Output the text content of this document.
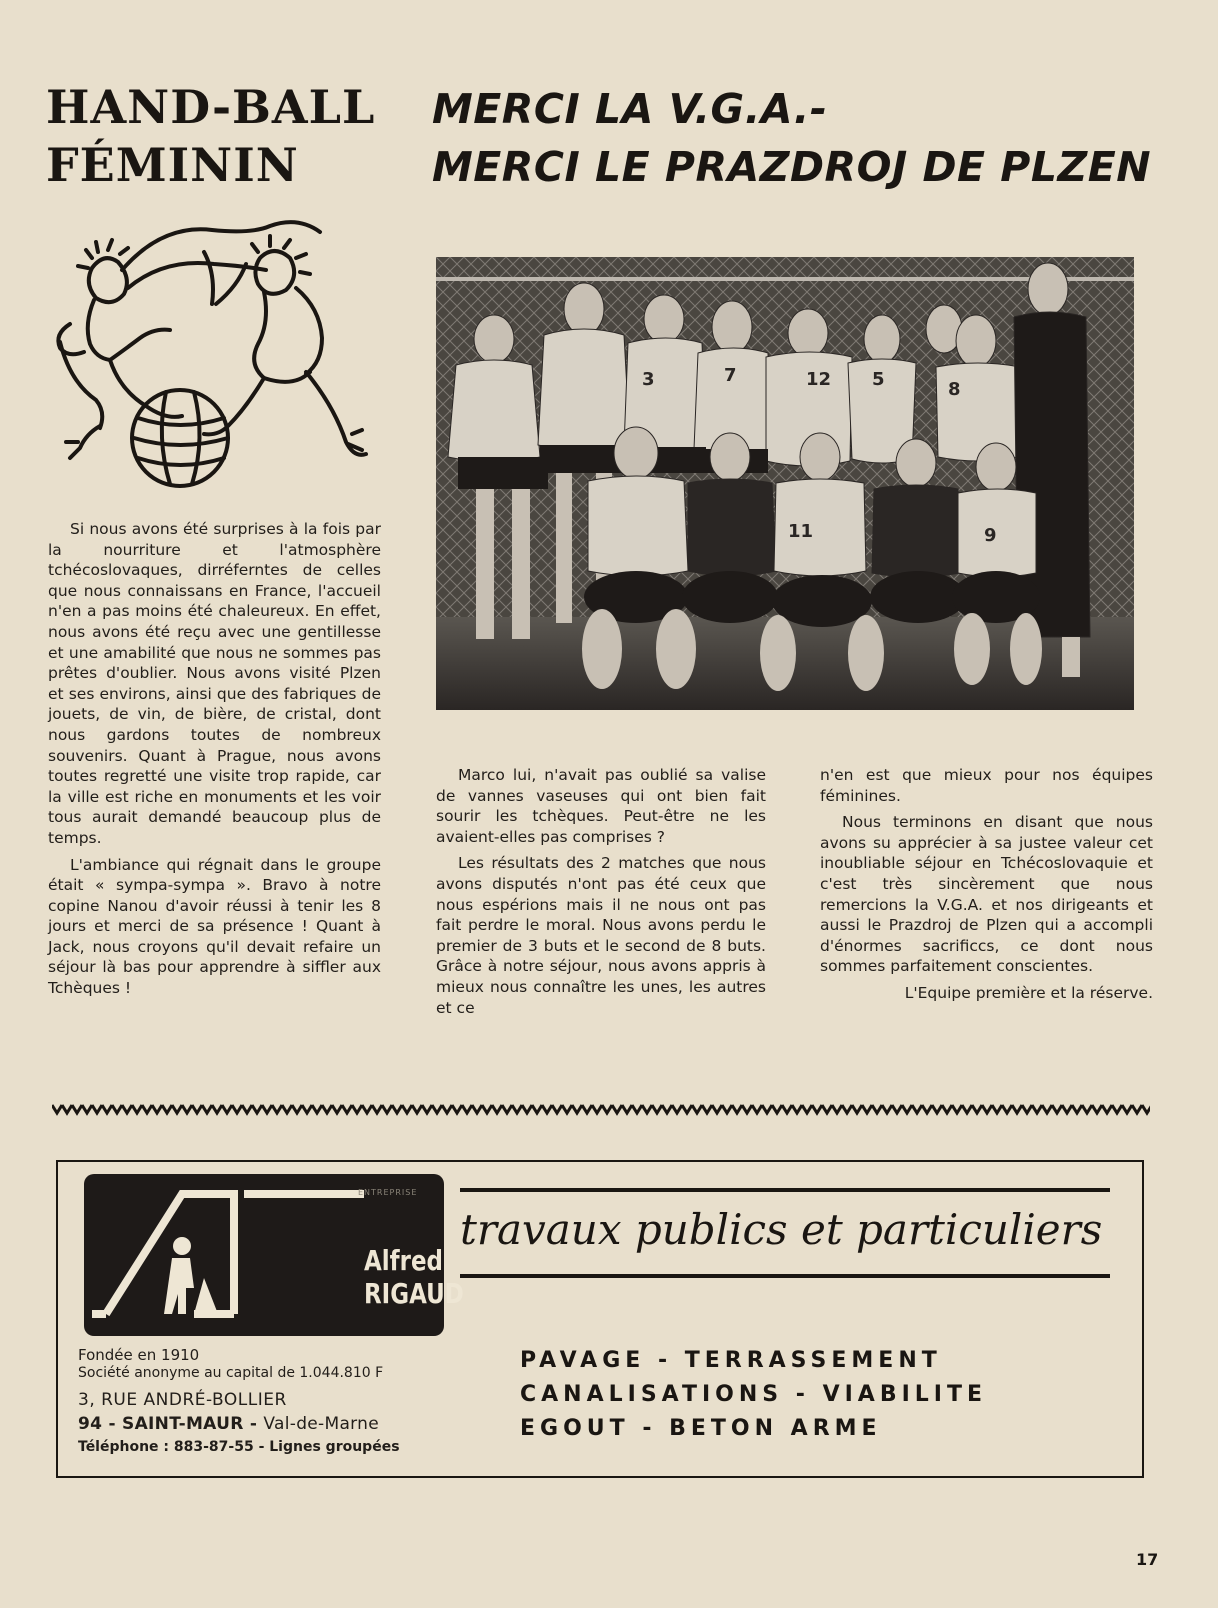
HAND-BALL
FÉMININ
MERCI LA V.G.A.-
MERCI LE PRAZDROJ DE PLZEN
3	7	12 5	8
11	9

Si nous avons été surprises à la fois par la nourriture et l'atmosphère tchécoslovaques, dirréferntes de celles que nous connaissans en France, l'accueil n'en a pas moins été chaleureux. En effet, nous avons été reçu avec une gentillesse et une amabilité que nous ne sommes pas prêtes d'oublier. Nous avons visité Plzen et ses environs, ainsi que des fabriques de jouets, de vin, de bière, de cristal, dont nous gardons toutes de nombreux souvenirs. Quant à Prague, nous avons toutes regretté une visite trop rapide, car la ville est riche en monuments et les voir tous aurait demandé beaucoup plus de temps.

L'ambiance qui régnait dans le groupe était « sympa-sympa ». Bravo à notre copine Nanou d'avoir réussi à tenir les 8 jours et merci de sa présence ! Quant à Jack, nous croyons qu'il devait refaire un séjour là bas pour apprendre à siffler aux Tchèques !

Marco lui, n'avait pas oublié sa valise de vannes vaseuses qui ont bien fait sourir les tchèques. Peut-être ne les avaient-elles pas comprises ?

Les résultats des 2 matches que nous avons disputés n'ont pas été ceux que nous espérions mais il ne nous ont pas fait perdre le moral. Nous avons perdu le premier de 3 buts et le second de 8 buts. Grâce à notre séjour, nous avons appris à mieux nous connaître les unes, les autres et ce

n'en est que mieux pour nos équipes féminines.

Nous terminons en disant que nous avons su apprécier à sa justee valeur cet inoubliable séjour en Tchécoslovaquie et c'est très sincèrement que nous remercions la V.G.A. et nos dirigeants et aussi le Prazdroj de Plzen qui a accompli d'énormes sacrificcs, ce dont nous sommes parfaitement conscientes.

L'Equipe première et la réserve.

ENTREPRISE
Alfred
RIGAUD
travaux publics et particuliers
Fondée en 1910
Société anonyme au capital de 1.044.810 F
3, RUE ANDRÉ-BOLLIER
94 - SAINT-MAUR - Val-de-Marne
Téléphone : 883-87-55 - Lignes groupées
PAVAGE - TERRASSEMENT
CANALISATIONS - VIABILITE
EGOUT - BETON ARME
17
